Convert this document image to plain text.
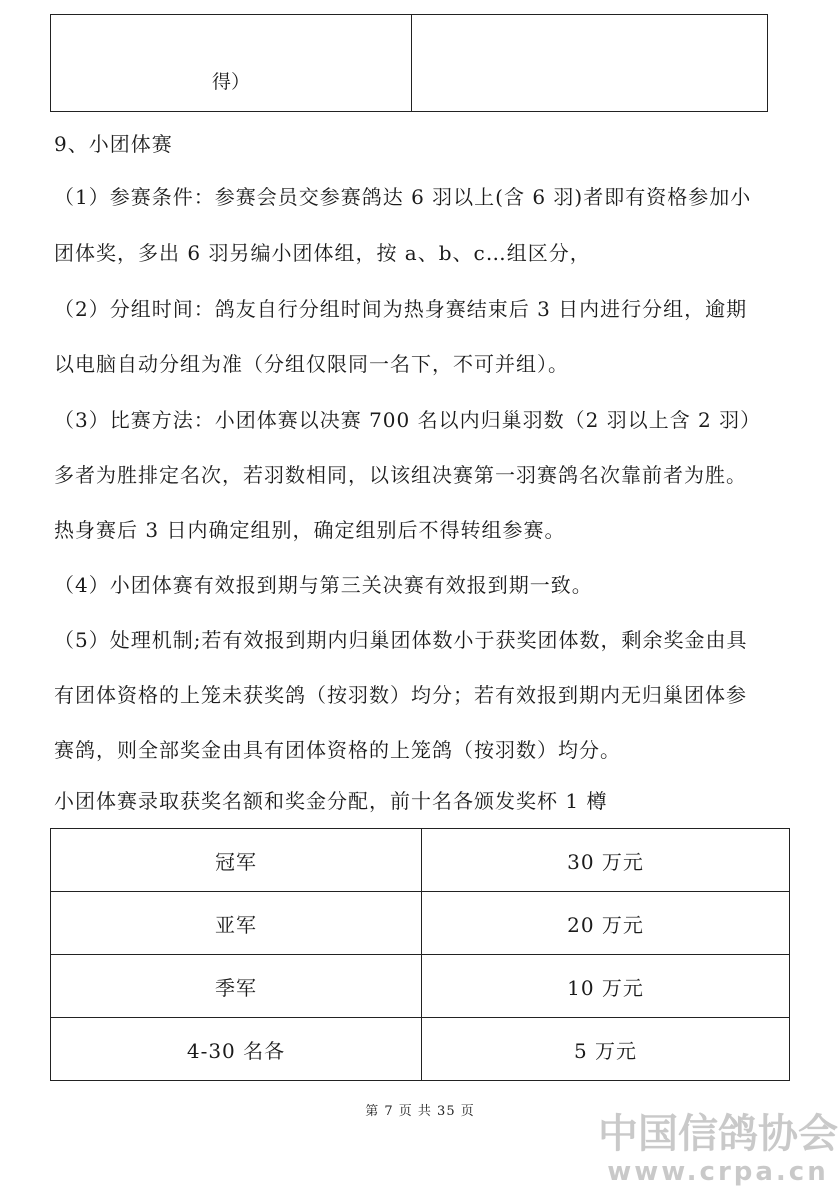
得）	
9、小团体赛
（1）参赛条件：参赛会员交参赛鸽达 6 羽以上(含 6 羽)者即有资格参加小
团体奖，多出 6 羽另编小团体组，按 a、b、c…组区分，
（2）分组时间：鸽友自行分组时间为热身赛结束后 3 日内进行分组，逾期
以电脑自动分组为准（分组仅限同一名下，不可并组）。
（3）比赛方法：小团体赛以决赛 700 名以内归巢羽数（2 羽以上含 2 羽）
多者为胜排定名次，若羽数相同，以该组决赛第一羽赛鸽名次靠前者为胜。
热身赛后 3 日内确定组别，确定组别后不得转组参赛。
（4）小团体赛有效报到期与第三关决赛有效报到期一致。
（5）处理机制;若有效报到期内归巢团体数小于获奖团体数，剩余奖金由具
有团体资格的上笼未获奖鸽（按羽数）均分；若有效报到期内无归巢团体参
赛鸽，则全部奖金由具有团体资格的上笼鸽（按羽数）均分。
小团体赛录取获奖名额和奖金分配，前十名各颁发奖杯 1 樽
冠军	30 万元
亚军	20 万元
季军	10 万元
4-30 名各	5 万元
第 7 页 共 35 页	中国信鸽协会
www.crpa.cn
